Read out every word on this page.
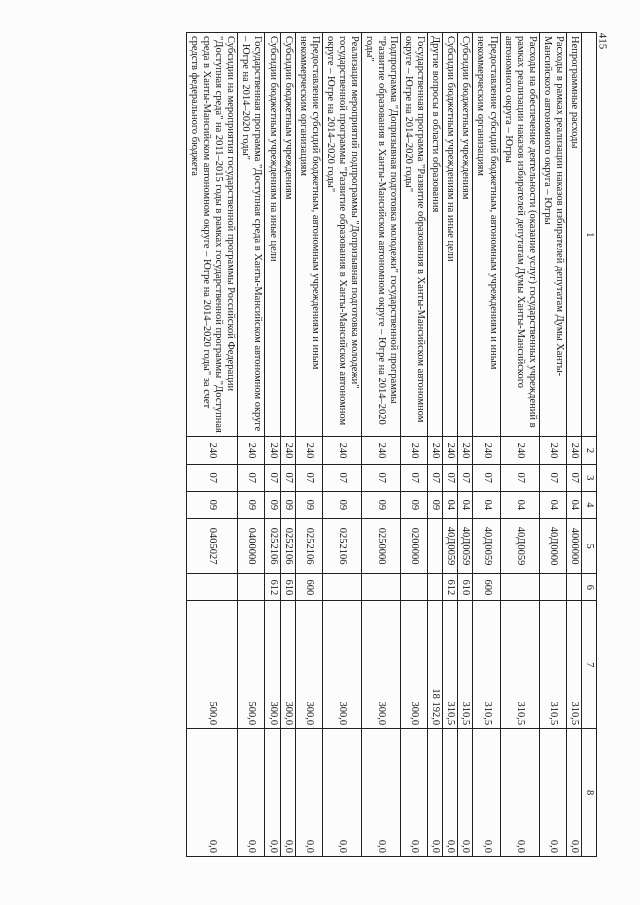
415
1	2	3	4	5	6	7	8
Непрограммные расходы	240	07	04	4000000		310,5	0,0
Расходы в рамках реализации наказов избирателей депутатам Думы Ханты-Мансийского автономного округа – Югры	240	07	04	40Д0000		310,5	0,0
Расходы на обеспечение деятельности (оказание услуг) государственных учреждений в рамках реализации наказов избирателей депутатам Думы Ханты-Мансийского автономного округа – Югры	240	07	04	40Д0059		310,5	0,0
Предоставление субсидий бюджетным, автономным учреждениям и иным некоммерческим организациям	240	07	04	40Д0059	600	310,5	0,0
Субсидии бюджетным учреждениям	240	07	04	40Д0059	610	310,5	0,0
Субсидии бюджетным учреждениям на иные цели	240	07	04	40Д0059	612	310,5	0,0
Другие вопросы в области образования	240	07	09			18 192,0	0,0
Государственная программа "Развитие образования в Ханты-Мансийском автономном округе – Югре на 2014–2020 годы"	240	07	09	0200000		300,0	0,0
Подпрограмма "Допризывная подготовка молодежи" государственной программы "Развитие образования в Ханты-Мансийском автономном округе – Югре на 2014–2020 годы"	240	07	09	0250000		300,0	0,0
Реализация мероприятий подпрограммы "Допризывная подготовка молодежи" государственной программы "Развитие образования в Ханты-Мансийском автономном округе – Югре на 2014–2020 годы"	240	07	09	0252106		300,0	0,0
Предоставление субсидий бюджетным, автономным учреждениям и иным некоммерческим организациям	240	07	09	0252106	600	300,0	0,0
Субсидии бюджетным учреждениям	240	07	09	0252106	610	300,0	0,0
Субсидии бюджетным учреждениям на иные цели	240	07	09	0252106	612	300,0	0,0
Государственная программа "Доступная среда в Ханты-Мансийском автономном округе – Югре на 2014–2020 годы"	240	07	09	0400000		500,0	0,0
Субсидии на мероприятия государственной программы Российской Федерации "Доступная среда" на 2011–2015 годы в рамках государственной программы "Доступная среда в Ханты-Мансийском автономном округе – Югре на 2014–2020 годы" за счет средств федерального бюджета	240	07	09	0405027		500,0	0,0
